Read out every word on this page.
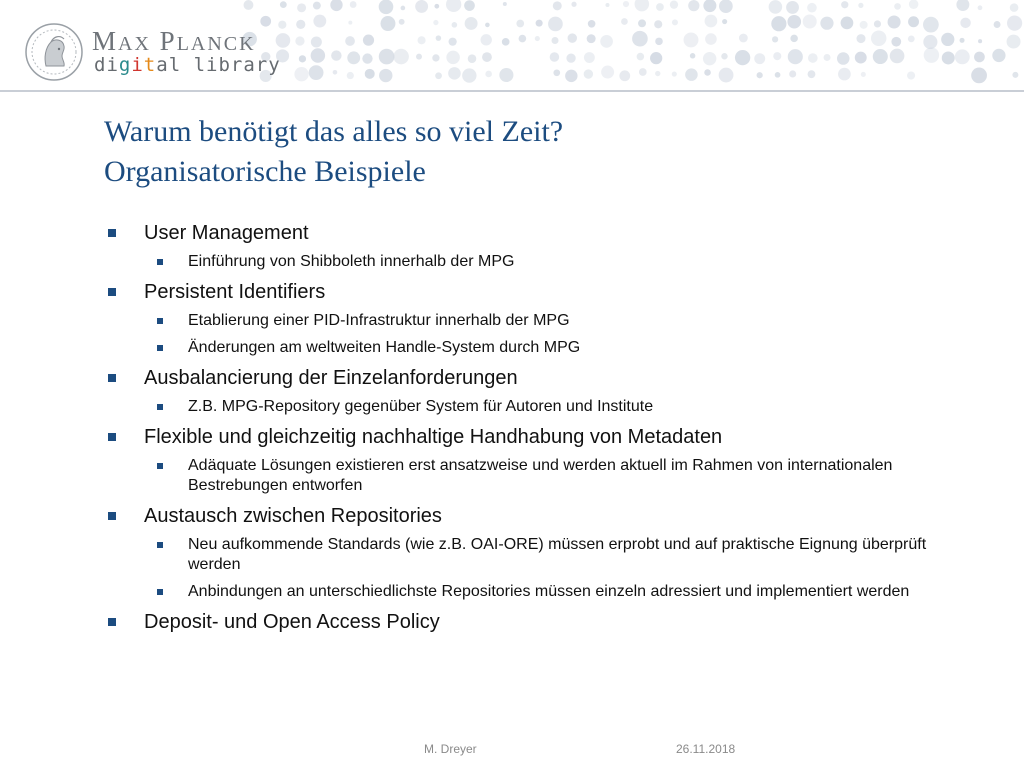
MAX PLANCK
digital library
Warum benötigt das alles so viel Zeit?
Organisatorische Beispiele
User Management
Einführung von Shibboleth innerhalb der MPG
Persistent Identifiers
Etablierung einer PID-Infrastruktur innerhalb der MPG
Änderungen am weltweiten Handle-System durch MPG
Ausbalancierung der Einzelanforderungen
Z.B. MPG-Repository gegenüber System für Autoren und Institute
Flexible und gleichzeitig nachhaltige Handhabung von Metadaten
Adäquate Lösungen existieren erst ansatzweise und werden aktuell im Rahmen von internationalen Bestrebungen entworfen
Austausch zwischen Repositories
Neu aufkommende Standards (wie z.B. OAI-ORE) müssen erprobt und auf praktische Eignung überprüft werden
Anbindungen an unterschiedlichste Repositories müssen einzeln adressiert und implementiert werden
Deposit- und Open Access Policy
M. Dreyer	26.11.2018
